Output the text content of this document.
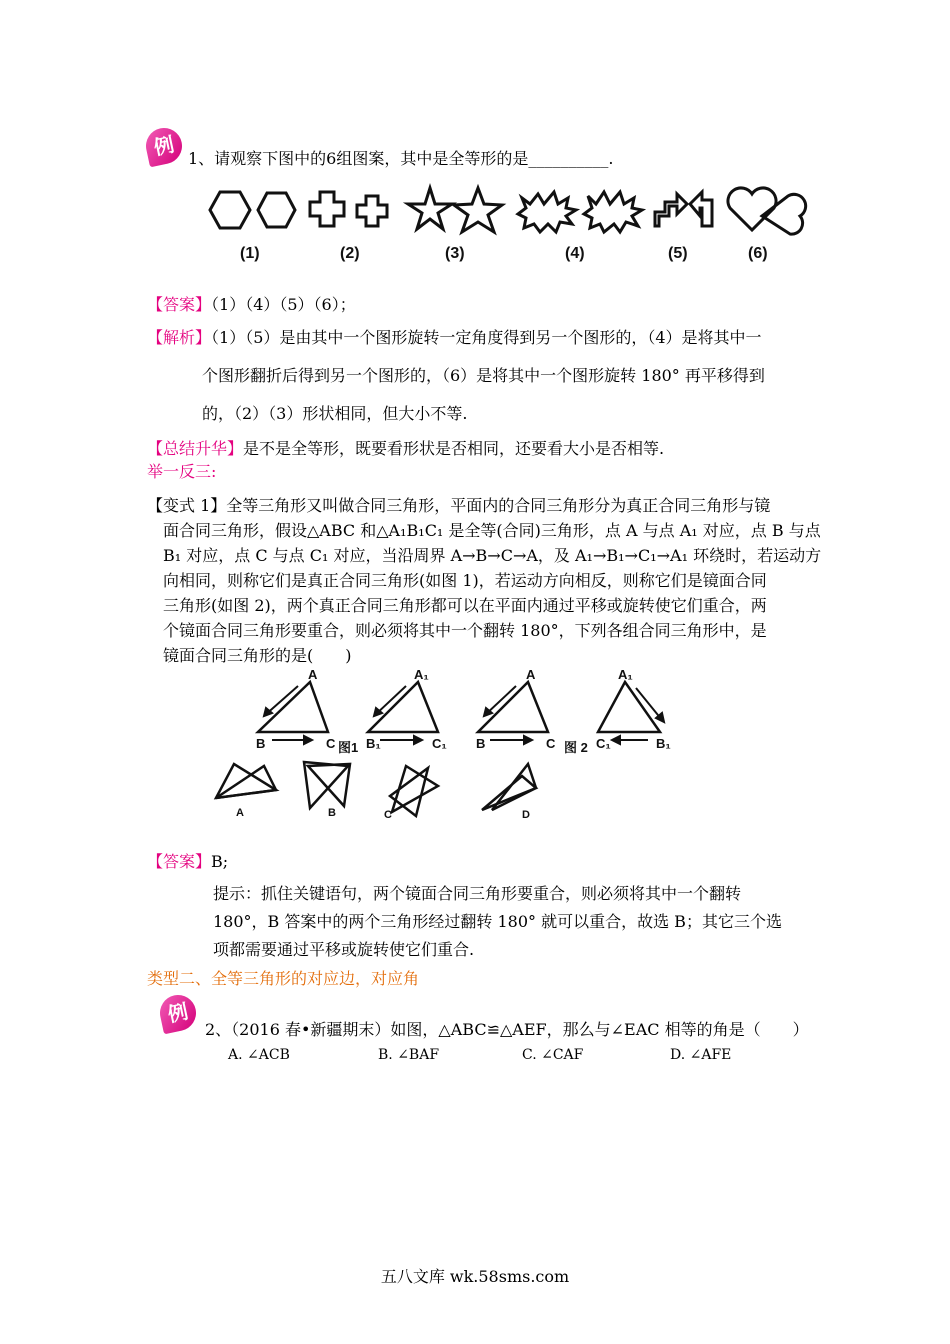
例 1、请观察下图中的6组图案，其中是全等形的是__________.
(1)	(2)	(3)	(4)	(5)	(6)
【答案】（1）（4）（5）（6）；
【解析】（1）（5）是由其中一个图形旋转一定角度得到另一个图形的，（4）是将其中一
个图形翻折后得到另一个图形的，（6）是将其中一个图形旋转 180° 再平移得到
的，（2）（3）形状相同，但大小不等.
【总结升华】是不是全等形，既要看形状是否相同，还要看大小是否相等.
举一反三:
【变式 1】全等三角形又叫做合同三角形，平面内的合同三角形分为真正合同三角形与镜
面合同三角形，假设△ABC 和△A₁B₁C₁ 是全等(合同)三角形，点 A 与点 A₁ 对应，点 B 与点
B₁ 对应，点 C 与点 C₁ 对应，当沿周界 A→B→C→A，及 A₁→B₁→C₁→A₁ 环绕时，若运动方
向相同，则称它们是真正合同三角形(如图 1)，若运动方向相反，则称它们是镜面合同
三角形(如图 2)，两个真正合同三角形都可以在平面内通过平移或旋转使它们重合，两
个镜面合同三角形要重合，则必须将其中一个翻转 180°，下列各组合同三角形中，是
镜面合同三角形的是(　　)
A
B	C 图1
A₁
B₁	C₁
A
B	C 图 2
A₁
C₁	B₁
A	B	C	D
【答案】B;
提示：抓住关键语句，两个镜面合同三角形要重合，则必须将其中一个翻转
180°，B 答案中的两个三角形经过翻转 180° 就可以重合，故选 B；其它三个选
项都需要通过平移或旋转使它们重合.
类型二、全等三角形的对应边，对应角
例
2、（2016 春•新疆期末）如图，△ABC≌△AEF，那么与∠EAC 相等的角是（　　）
A. ∠ACB	B. ∠BAF	C. ∠CAF	D. ∠AFE
五八文库 wk.58sms.com
